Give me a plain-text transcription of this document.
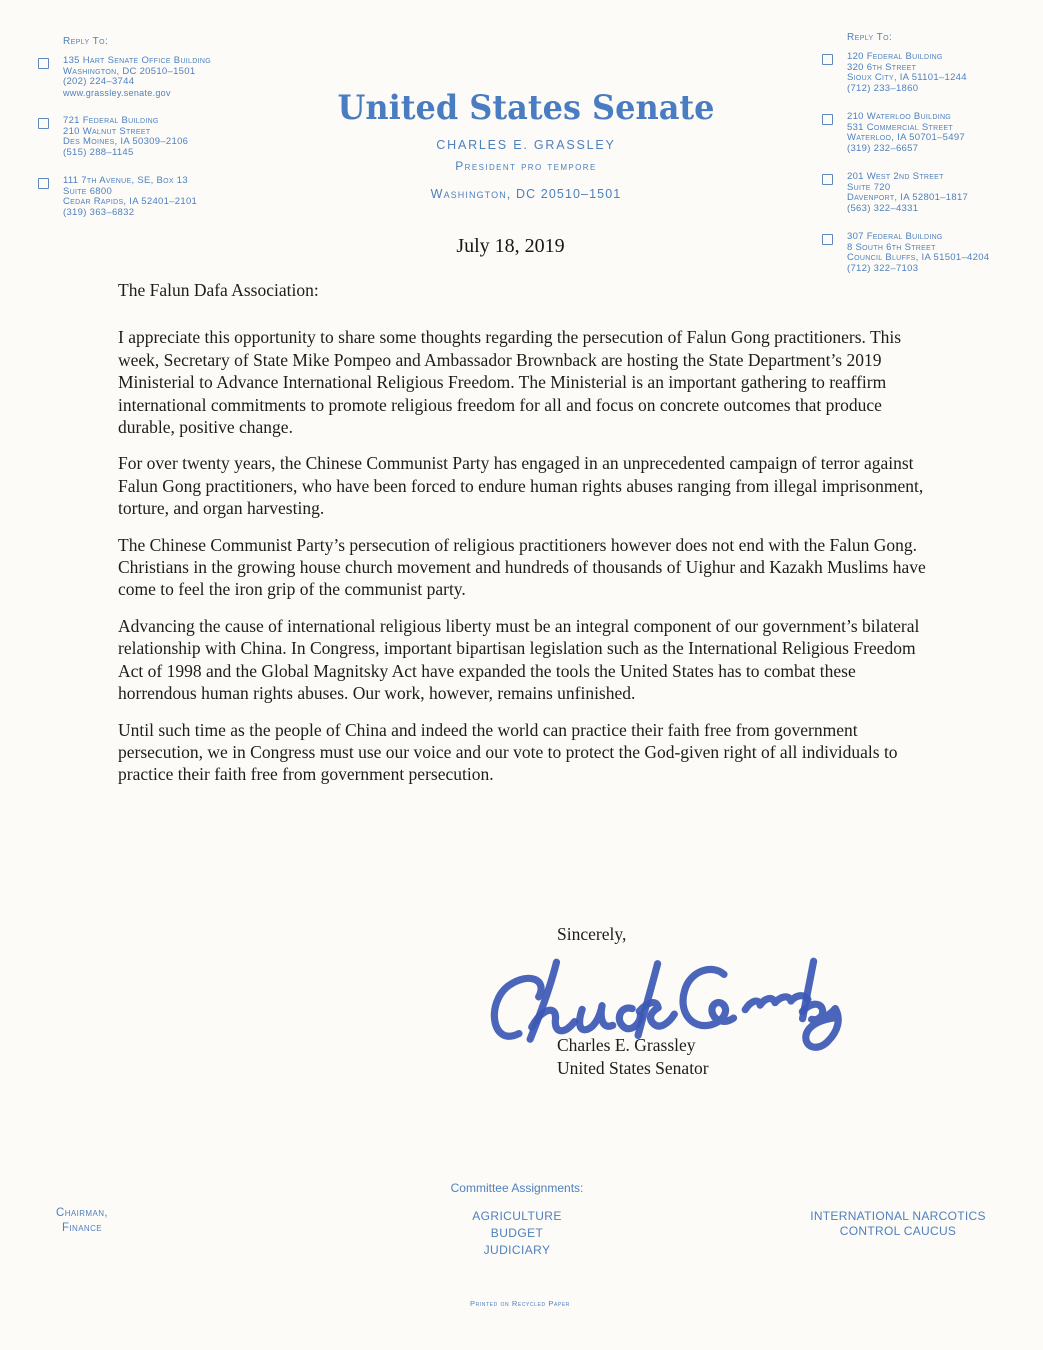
Reply To:
135 Hart Senate Office Building
Washington, DC 20510–1501
(202) 224–3744
www.grassley.senate.gov
721 Federal Building
210 Walnut Street
Des Moines, IA 50309–2106
(515) 288–1145
111 7th Avenue, SE, Box 13
Suite 6800
Cedar Rapids, IA 52401–2101
(319) 363–6832
Reply To:
120 Federal Building
320 6th Street
Sioux City, IA 51101–1244
(712) 233–1860
210 Waterloo Building
531 Commercial Street
Waterloo, IA 50701–5497
(319) 232–6657
201 West 2nd Street
Suite 720
Davenport, IA 52801–1817
(563) 322–4331
307 Federal Building
8 South 6th Street
Council Bluffs, IA 51501–4204
(712) 322–7103
United States Senate
CHARLES E. GRASSLEY
President pro tempore
Washington, DC 20510–1501
July 18, 2019
The Falun Dafa Association:

I appreciate this opportunity to share some thoughts regarding the persecution of Falun Gong practitioners. This week, Secretary of State Mike Pompeo and Ambassador Brownback are hosting the State Department’s 2019 Ministerial to Advance International Religious Freedom. The Ministerial is an important gathering to reaffirm international commitments to promote religious freedom for all and focus on concrete outcomes that produce durable, positive change.

For over twenty years, the Chinese Communist Party has engaged in an unprecedented campaign of terror against Falun Gong practitioners, who have been forced to endure human rights abuses ranging from illegal imprisonment, torture, and organ harvesting.

The Chinese Communist Party’s persecution of religious practitioners however does not end with the Falun Gong. Christians in the growing house church movement and hundreds of thousands of Uighur and Kazakh Muslims have come to feel the iron grip of the communist party.

Advancing the cause of international religious liberty must be an integral component of our government’s bilateral relationship with China. In Congress, important bipartisan legislation such as the International Religious Freedom Act of 1998 and the Global Magnitsky Act have expanded the tools the United States has to combat these horrendous human rights abuses. Our work, however, remains unfinished.

Until such time as the people of China and indeed the world can practice their faith free from government persecution, we in Congress must use our voice and our vote to protect the God-given right of all individuals to practice their faith free from government persecution.

Sincerely,
Charles E. Grassley
United States Senator
Chairman,
Finance
Committee Assignments:
AGRICULTURE
BUDGET
JUDICIARY
INTERNATIONAL NARCOTICS
CONTROL CAUCUS
Printed on Recycled Paper
